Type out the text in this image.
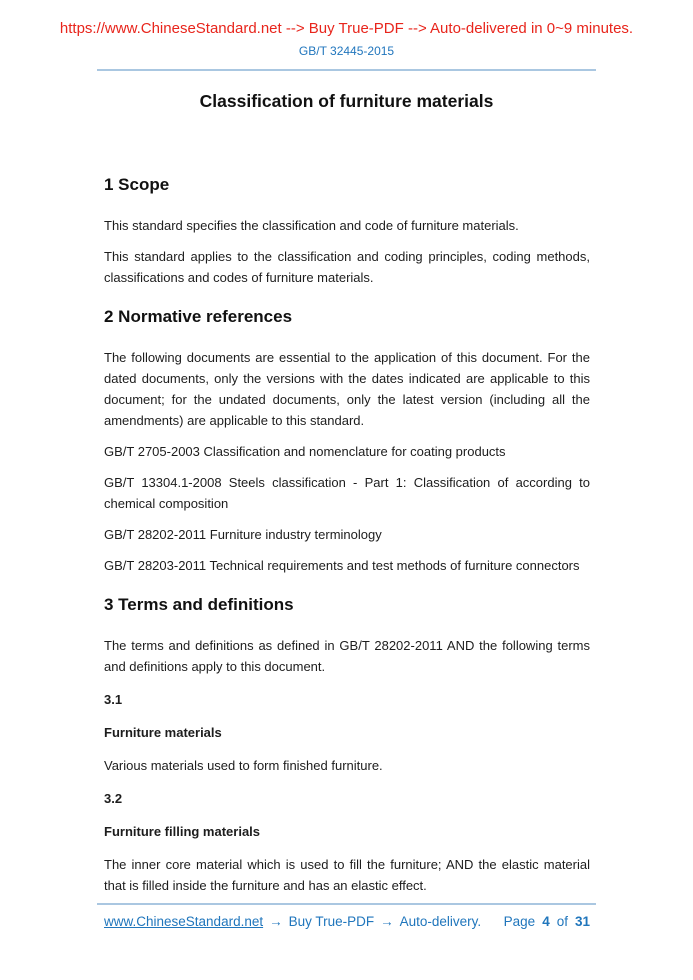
https://www.ChineseStandard.net --> Buy True-PDF --> Auto-delivered in 0~9 minutes.
GB/T 32445-2015
Classification of furniture materials
1 Scope

This standard specifies the classification and code of furniture materials.

This standard applies to the classification and coding principles, coding methods, classifications and codes of furniture materials.

2 Normative references

The following documents are essential to the application of this document. For the dated documents, only the versions with the dates indicated are applicable to this document; for the undated documents, only the latest version (including all the amendments) are applicable to this standard.

GB/T 2705-2003 Classification and nomenclature for coating products

GB/T 13304.1-2008 Steels classification - Part 1: Classification of according to chemical composition

GB/T 28202-2011 Furniture industry terminology

GB/T 28203-2011 Technical requirements and test methods of furniture connectors

3 Terms and definitions

The terms and definitions as defined in GB/T 28202-2011 AND the following terms and definitions apply to this document.

3.1

Furniture materials

Various materials used to form finished furniture.

3.2

Furniture filling materials

The inner core material which is used to fill the furniture; AND the elastic material that is filled inside the furniture and has an elastic effect.

www.ChineseStandard.net → Buy True-PDF → Auto-delivery. Page 4 of 31
